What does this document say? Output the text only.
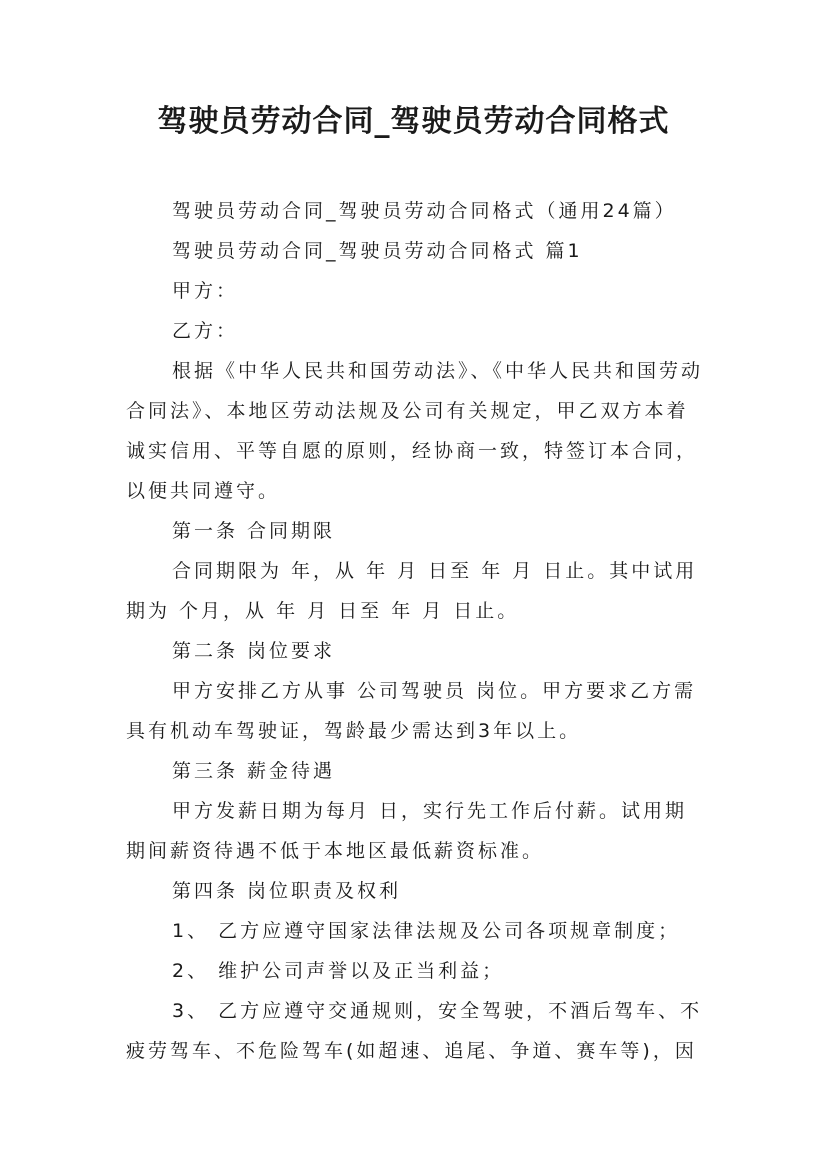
驾驶员劳动合同_驾驶员劳动合同格式

驾驶员劳动合同_驾驶员劳动合同格式（通用24篇）

驾驶员劳动合同_驾驶员劳动合同格式 篇1

甲方：

乙方：

根据《中华人民共和国劳动法》、《中华人民共和国劳动合同法》、本地区劳动法规及公司有关规定，甲乙双方本着诚实信用、平等自愿的原则，经协商一致，特签订本合同，以便共同遵守。

第一条 合同期限

合同期限为 年，从 年 月 日至 年 月 日止。其中试用期为 个月，从 年 月 日至 年 月 日止。

第二条 岗位要求

甲方安排乙方从事 公司驾驶员 岗位。甲方要求乙方需具有机动车驾驶证，驾龄最少需达到3年以上。

第三条 薪金待遇

甲方发薪日期为每月 日，实行先工作后付薪。试用期期间薪资待遇不低于本地区最低薪资标准。

第四条 岗位职责及权利

1、 乙方应遵守国家法律法规及公司各项规章制度；

2、 维护公司声誉以及正当利益；

3、 乙方应遵守交通规则，安全驾驶，不酒后驾车、不疲劳驾车、不危险驾车(如超速、追尾、争道、赛车等)，因
